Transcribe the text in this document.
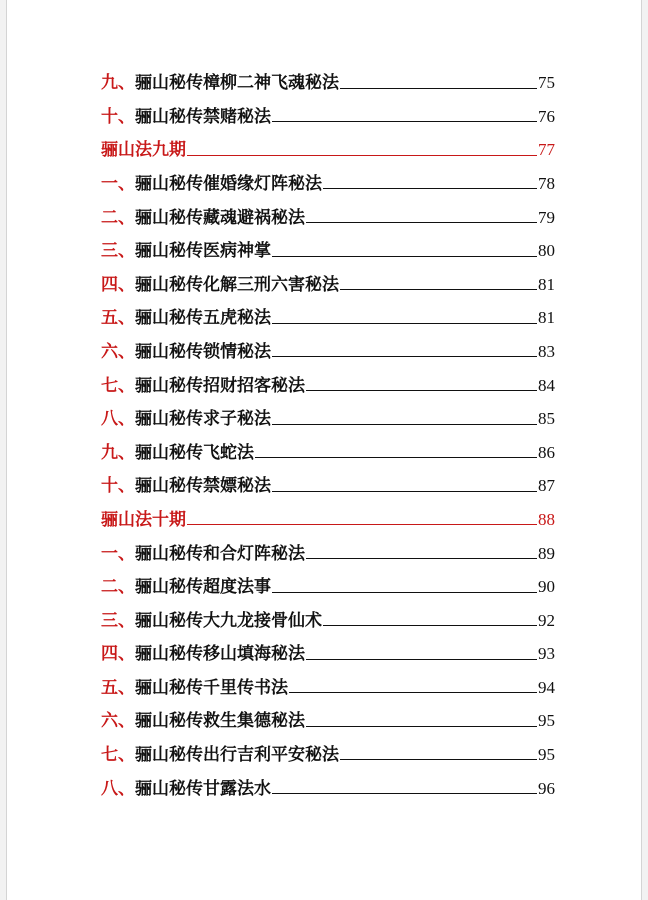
九、 骊山秘传樟柳二神飞魂秘法	75
十、 骊山秘传禁赌秘法	76
骊山法九期	77
一、 骊山秘传催婚缘灯阵秘法	78
二、 骊山秘传藏魂避祸秘法	79
三、 骊山秘传医病神掌	80
四、 骊山秘传化解三刑六害秘法	81
五、 骊山秘传五虎秘法	81
六、 骊山秘传锁情秘法	83
七、 骊山秘传招财招客秘法	84
八、 骊山秘传求子秘法	85
九、 骊山秘传飞蛇法	86
十、 骊山秘传禁嫖秘法	87
骊山法十期	88
一、 骊山秘传和合灯阵秘法	89
二、 骊山秘传超度法事	90
三、 骊山秘传大九龙接骨仙术	92
四、 骊山秘传移山填海秘法	93
五、 骊山秘传千里传书法	94
六、 骊山秘传救生集德秘法	95
七、 骊山秘传出行吉利平安秘法	95
八、 骊山秘传甘露法水	96
